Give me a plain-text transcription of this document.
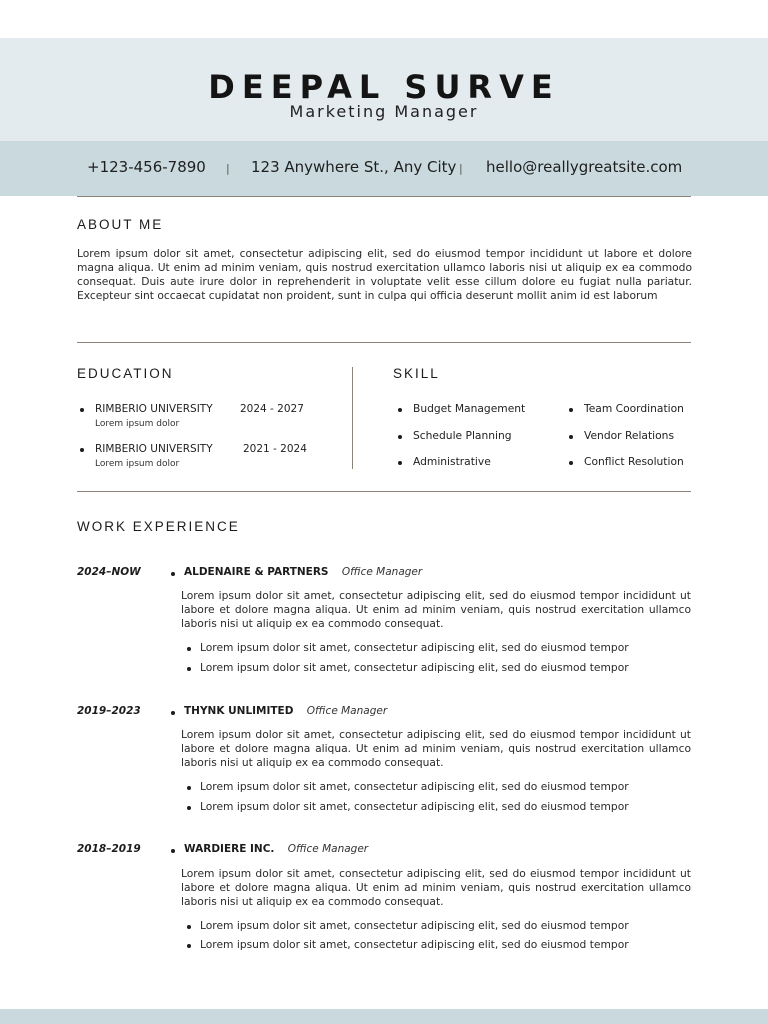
DEEPAL SURVE
Marketing Manager
+123-456-7890 | 123 Anywhere St., Any City | hello@reallygreatsite.com
ABOUT ME
Lorem ipsum dolor sit amet, consectetur adipiscing elit, sed do eiusmod tempor incididunt ut labore et dolore magna aliqua. Ut enim ad minim veniam, quis nostrud exercitation ullamco laboris nisi ut aliquip ex ea commodo consequat. Duis aute irure dolor in reprehenderit in voluptate velit esse cillum dolore eu fugiat nulla pariatur. Excepteur sint occaecat cupidatat non proident, sunt in culpa qui officia deserunt mollit anim id est laborum
EDUCATION
RIMBERIO UNIVERSITY	2024 - 2027
Lorem ipsum dolor
RIMBERIO UNIVERSITY	2021 - 2024
Lorem ipsum dolor
SKILL
Budget Management	Team Coordination
Schedule Planning	Vendor Relations
Administrative	Conflict Resolution
WORK EXPERIENCE
2024–NOW	ALDENAIRE & PARTNERS Office Manager
Lorem ipsum dolor sit amet, consectetur adipiscing elit, sed do eiusmod tempor incididunt ut labore et dolore magna aliqua. Ut enim ad minim veniam, quis nostrud exercitation ullamco laboris nisi ut aliquip ex ea commodo consequat.
Lorem ipsum dolor sit amet, consectetur adipiscing elit, sed do eiusmod tempor
Lorem ipsum dolor sit amet, consectetur adipiscing elit, sed do eiusmod tempor
2019–2023	THYNK UNLIMITED Office Manager
Lorem ipsum dolor sit amet, consectetur adipiscing elit, sed do eiusmod tempor incididunt ut labore et dolore magna aliqua. Ut enim ad minim veniam, quis nostrud exercitation ullamco laboris nisi ut aliquip ex ea commodo consequat.
Lorem ipsum dolor sit amet, consectetur adipiscing elit, sed do eiusmod tempor
Lorem ipsum dolor sit amet, consectetur adipiscing elit, sed do eiusmod tempor
2018–2019	WARDIERE INC. Office Manager
Lorem ipsum dolor sit amet, consectetur adipiscing elit, sed do eiusmod tempor incididunt ut labore et dolore magna aliqua. Ut enim ad minim veniam, quis nostrud exercitation ullamco laboris nisi ut aliquip ex ea commodo consequat.
Lorem ipsum dolor sit amet, consectetur adipiscing elit, sed do eiusmod tempor
Lorem ipsum dolor sit amet, consectetur adipiscing elit, sed do eiusmod tempor
